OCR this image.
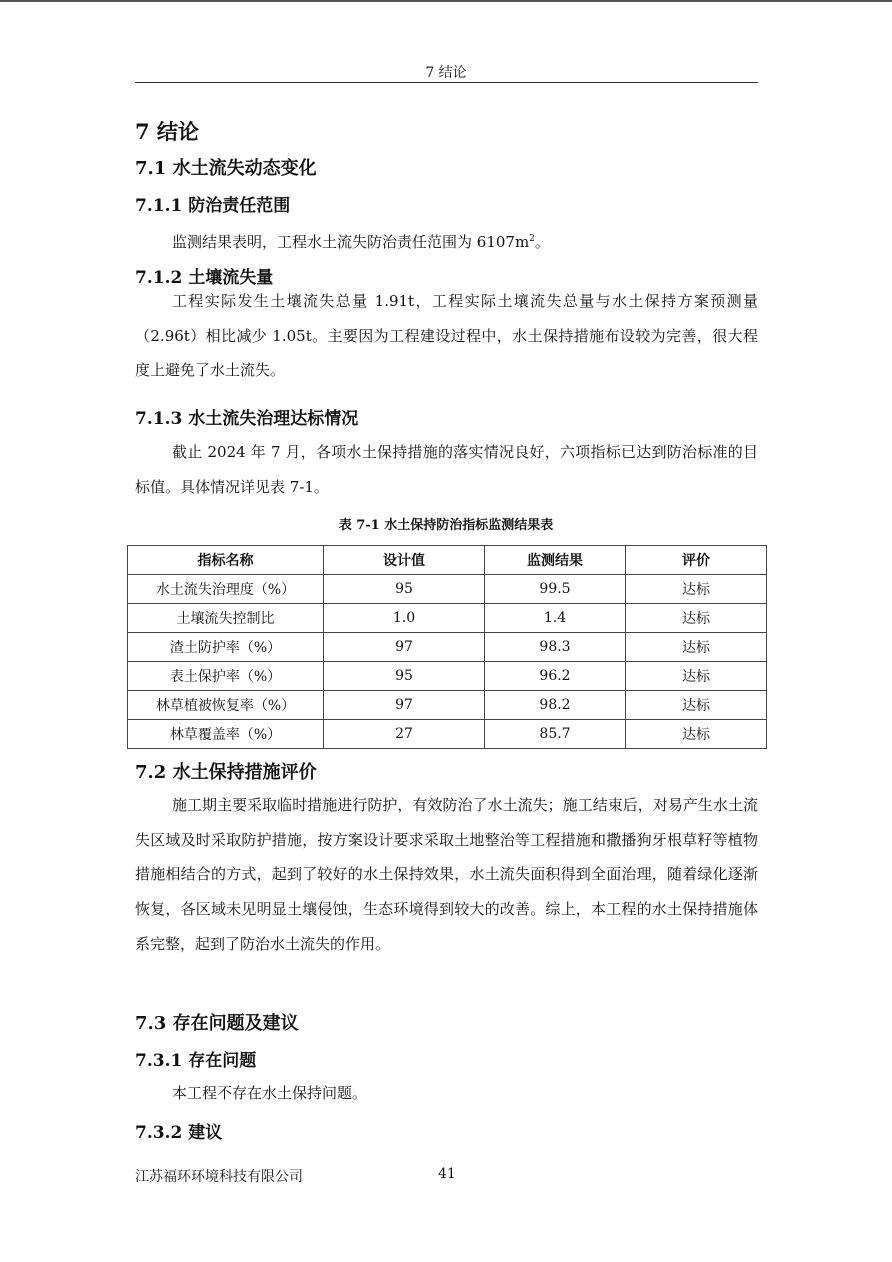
7 结论
7 结论
7.1 水土流失动态变化
7.1.1 防治责任范围

监测结果表明，工程水土流失防治责任范围为 $6107m^2$。

7.1.2 土壤流失量

工程实际发生土壤流失总量 1.91t，工程实际土壤流失总量与水土保持方案预测量（2.96t）相比减少 1.05t。主要因为工程建设过程中，水土保持措施布设较为完善，很大程度上避免了水土流失。

7.1.3 水土流失治理达标情况

截止 2024 年 7 月，各项水土保持措施的落实情况良好，六项指标已达到防治标准的目标值。具体情况详见表 7-1。

表 7-1 水土保持防治指标监测结果表
指标名称	设计值	监测结果	评价
水土流失治理度（%）	95	99.5	达标
土壤流失控制比	1.0	1.4	达标
渣土防护率（%）	97	98.3	达标
表土保护率（%）	95	96.2	达标
林草植被恢复率（%）	97	98.2	达标
林草覆盖率（%）	27	85.7	达标
7.2 水土保持措施评价

施工期主要采取临时措施进行防护，有效防治了水土流失；施工结束后，对易产生水土流失区域及时采取防护措施，按方案设计要求采取土地整治等工程措施和撒播狗牙根草籽等植物措施相结合的方式，起到了较好的水土保持效果，水土流失面积得到全面治理，随着绿化逐渐恢复，各区域未见明显土壤侵蚀，生态环境得到较大的改善。综上，本工程的水土保持措施体系完整，起到了防治水土流失的作用。

7.3 存在问题及建议
7.3.1 存在问题

本工程不存在水土保持问题。

7.3.2 建议
江苏福环环境科技有限公司	41
